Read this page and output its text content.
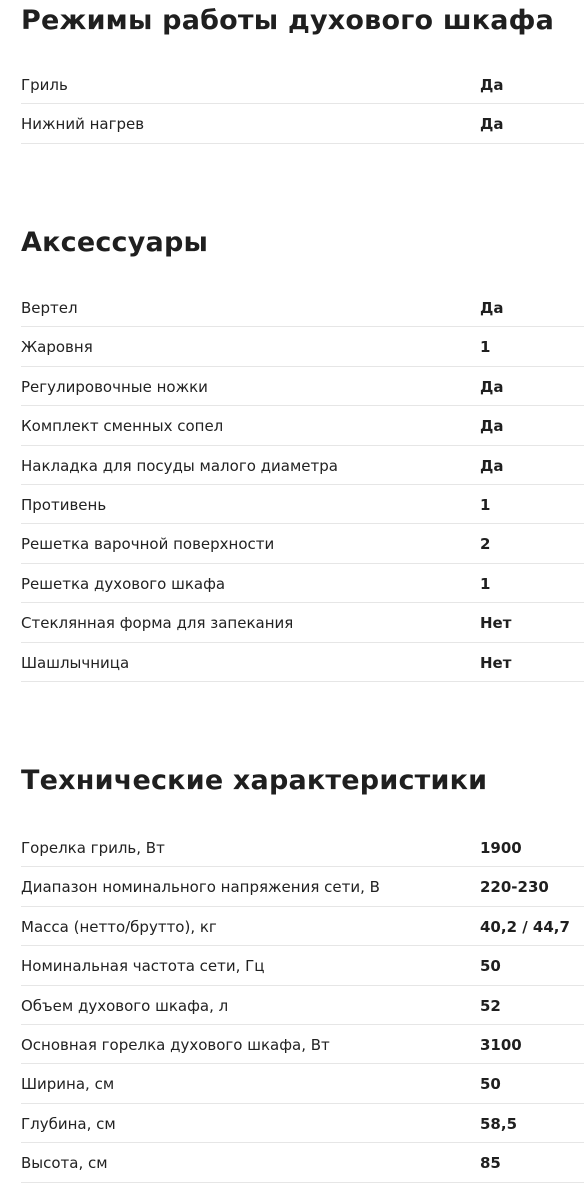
Режимы работы духового шкафа
Гриль	Да
Нижний нагрев	Да
Аксессуары
Вертел	Да
Жаровня	1
Регулировочные ножки	Да
Комплект сменных сопел	Да
Накладка для посуды малого диаметра	Да
Противень	1
Решетка варочной поверхности	2
Решетка духового шкафа	1
Стеклянная форма для запекания	Нет
Шашлычница	Нет
Технические характеристики
Горелка гриль, Вт	1900
Диапазон номинального напряжения сети, В	220-230
Масса (нетто/брутто), кг	40,2 / 44,7
Номинальная частота сети, Гц	50
Объем духового шкафа, л	52
Основная горелка духового шкафа, Вт	3100
Ширина, см	50
Глубина, см	58,5
Высота, см	85
